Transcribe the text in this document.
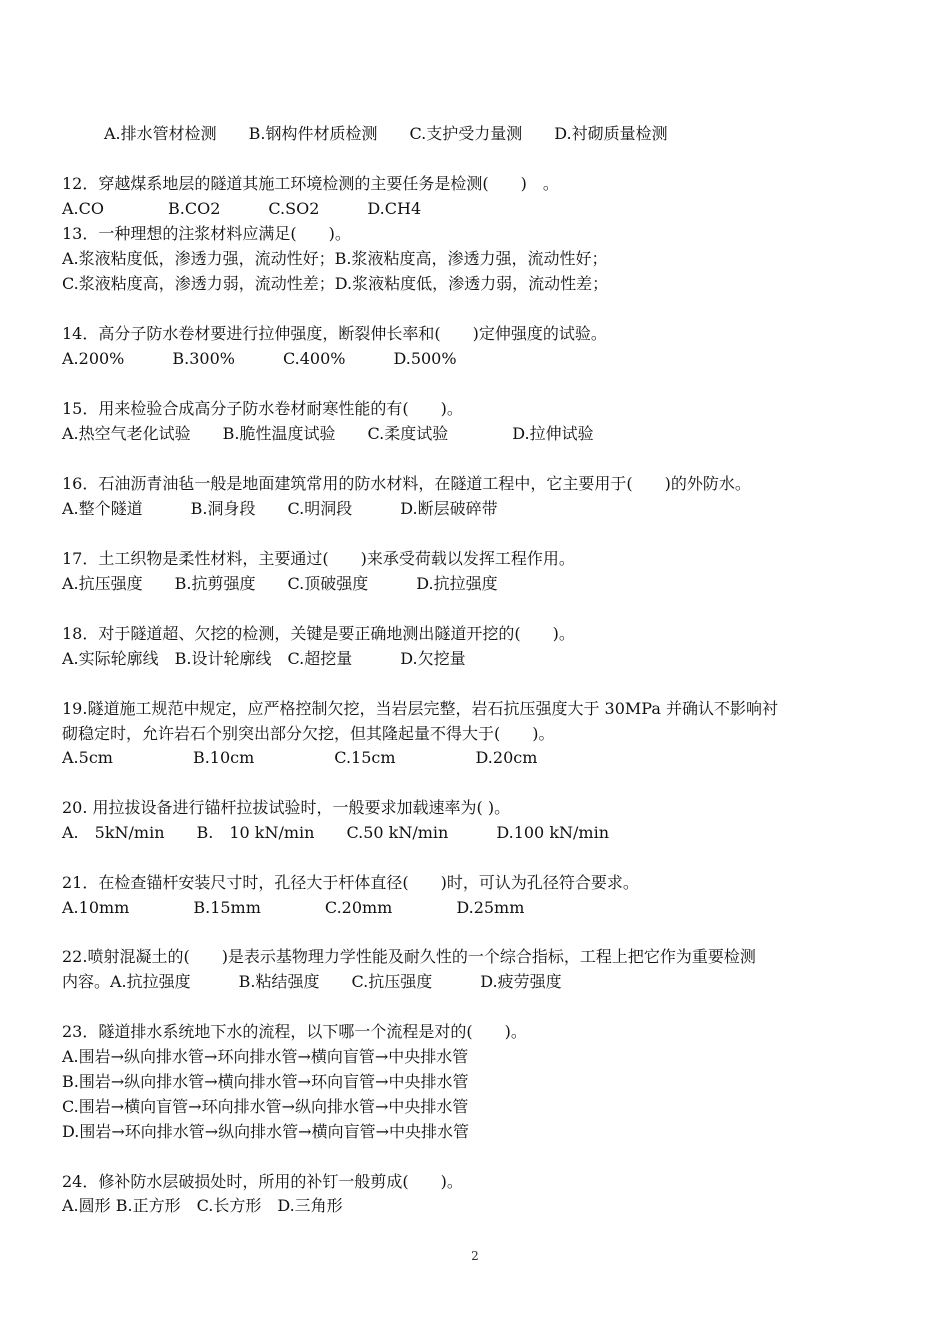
A.排水管材检测　　B.钢构件材质检测　　C.支护受力量测　　D.衬砌质量检测
12．穿越煤系地层的隧道其施工环境检测的主要任务是检测(　　)　。
A.CO　　　　B.CO2　　　C.SO2　　　D.CH4
13．一种理想的注浆材料应满足(　　)。
A.浆液粘度低，渗透力强，流动性好；B.浆液粘度高，渗透力强，流动性好；
C.浆液粘度高，渗透力弱，流动性差；D.浆液粘度低，渗透力弱，流动性差；
14．高分子防水卷材要进行拉伸强度，断裂伸长率和(　　)定伸强度的试验。
A.200%　　　B.300%　　　C.400%　　　D.500%
15．用来检验合成高分子防水卷材耐寒性能的有(　　)。
A.热空气老化试验　　B.脆性温度试验　　C.柔度试验　　　　D.拉伸试验
16．石油沥青油毡一般是地面建筑常用的防水材料，在隧道工程中，它主要用于(　　)的外防水。
A.整个隧道　　　B.洞身段　　C.明洞段　　　D.断层破碎带
17．土工织物是柔性材料，主要通过(　　)来承受荷载以发挥工程作用。
A.抗压强度　　B.抗剪强度　　C.顶破强度　　　D.抗拉强度
18．对于隧道超、欠挖的检测，关键是要正确地测出隧道开挖的(　　)。
A.实际轮廓线　B.设计轮廓线　C.超挖量　　　D.欠挖量
19.隧道施工规范中规定，应严格控制欠挖，当岩层完整，岩石抗压强度大于 30MPa 并确认不影响衬
砌稳定时，允许岩石个别突出部分欠挖，但其隆起量不得大于(　　)。
A.5cm　　　　　B.10cm　　　　　C.15cm　　　　　D.20cm
20. 用拉拔设备进行锚杆拉拔试验时，一般要求加载速率为( )。
A.　5kN/min　　B.　10 kN/min　　C.50 kN/min　　　D.100 kN/min
21．在检查锚杆安装尺寸时，孔径大于杆体直径(　　)时，可认为孔径符合要求。
A.10mm　　　　B.15mm　　　　C.20mm　　　　D.25mm
22.喷射混凝土的(　　)是表示基物理力学性能及耐久性的一个综合指标，工程上把它作为重要检测
内容。A.抗拉强度　　　B.粘结强度　　C.抗压强度　　　D.疲劳强度
23．隧道排水系统地下水的流程，以下哪一个流程是对的(　　)。
A.围岩→纵向排水管→环向排水管→横向盲管→中央排水管
B.围岩→纵向排水管→横向排水管→环向盲管→中央排水管
C.围岩→横向盲管→环向排水管→纵向排水管→中央排水管
D.围岩→环向排水管→纵向排水管→横向盲管→中央排水管
24．修补防水层破损处时，所用的补钉一般剪成(　　)。
A.圆形 B.正方形　C.长方形　D.三角形
2
